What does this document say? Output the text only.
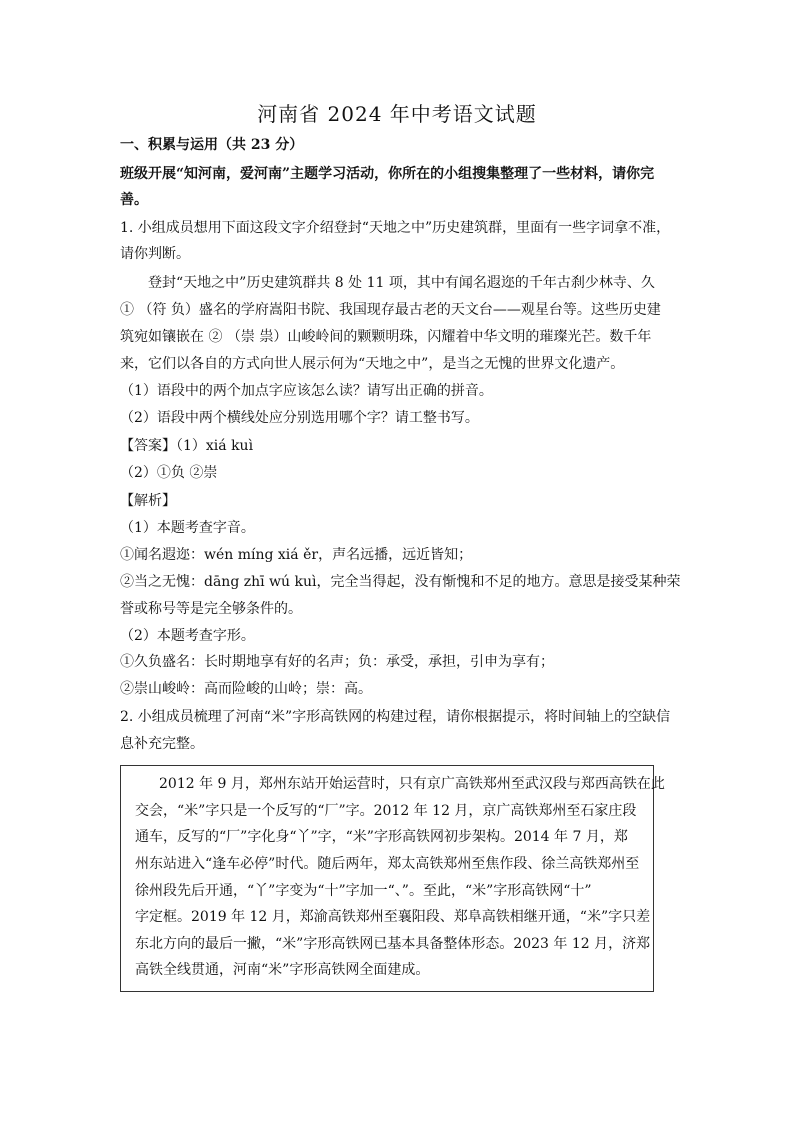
河南省 2024 年中考语文试题
一、积累与运用（共 23 分）
班级开展“知河南，爱河南”主题学习活动，你所在的小组搜集整理了一些材料，请你完
善。
1. 小组成员想用下面这段文字介绍登封“天地之中”历史建筑群，里面有一些字词拿不准，
请你判断。
登封“天地之中”历史建筑群共 8 处 11 项，其中有闻名遐迩的千年古刹少林寺、久
① （符 负）盛名的学府嵩阳书院、我国现存最古老的天文台——观星台等。这些历史建
筑宛如镶嵌在 ② （崇 祟）山峻岭间的颗颗明珠，闪耀着中华文明的璀璨光芒。数千年
来，它们以各自的方式向世人展示何为“天地之中”，是当之无愧的世界文化遗产。
（1）语段中的两个加点字应该怎么读？请写出正确的拼音。
（2）语段中两个横线处应分别选用哪个字？请工整书写。
【答案】（1）xiá kuì
（2）①负 ②崇
【解析】
（1）本题考查字音。
①闻名遐迩：wén míng xiá ěr，声名远播，远近皆知；
②当之无愧：dāng zhī wú kuì，完全当得起，没有惭愧和不足的地方。意思是接受某种荣
誉或称号等是完全够条件的。
（2）本题考查字形。
①久负盛名：长时期地享有好的名声；负：承受，承担，引申为享有；
②崇山峻岭：高而险峻的山岭；崇：高。
2. 小组成员梳理了河南“米”字形高铁网的构建过程，请你根据提示，将时间轴上的空缺信
息补充完整。
2012 年 9 月，郑州东站开始运营时，只有京广高铁郑州至武汉段与郑西高铁在此
交会，“米”字只是一个反写的“厂”字。2012 年 12 月，京广高铁郑州至石家庄段
通车，反写的“厂”字化身“丫”字，“米”字形高铁网初步架构。2014 年 7 月，郑
州东站进入“逢车必停”时代。随后两年，郑太高铁郑州至焦作段、徐兰高铁郑州至
徐州段先后开通，“丫”字变为“十”字加一“、”。至此，“米”字形高铁网“十”
字定框。2019 年 12 月，郑渝高铁郑州至襄阳段、郑阜高铁相继开通，“米”字只差
东北方向的最后一撇，“米”字形高铁网已基本具备整体形态。2023 年 12 月，济郑
高铁全线贯通，河南“米”字形高铁网全面建成。
